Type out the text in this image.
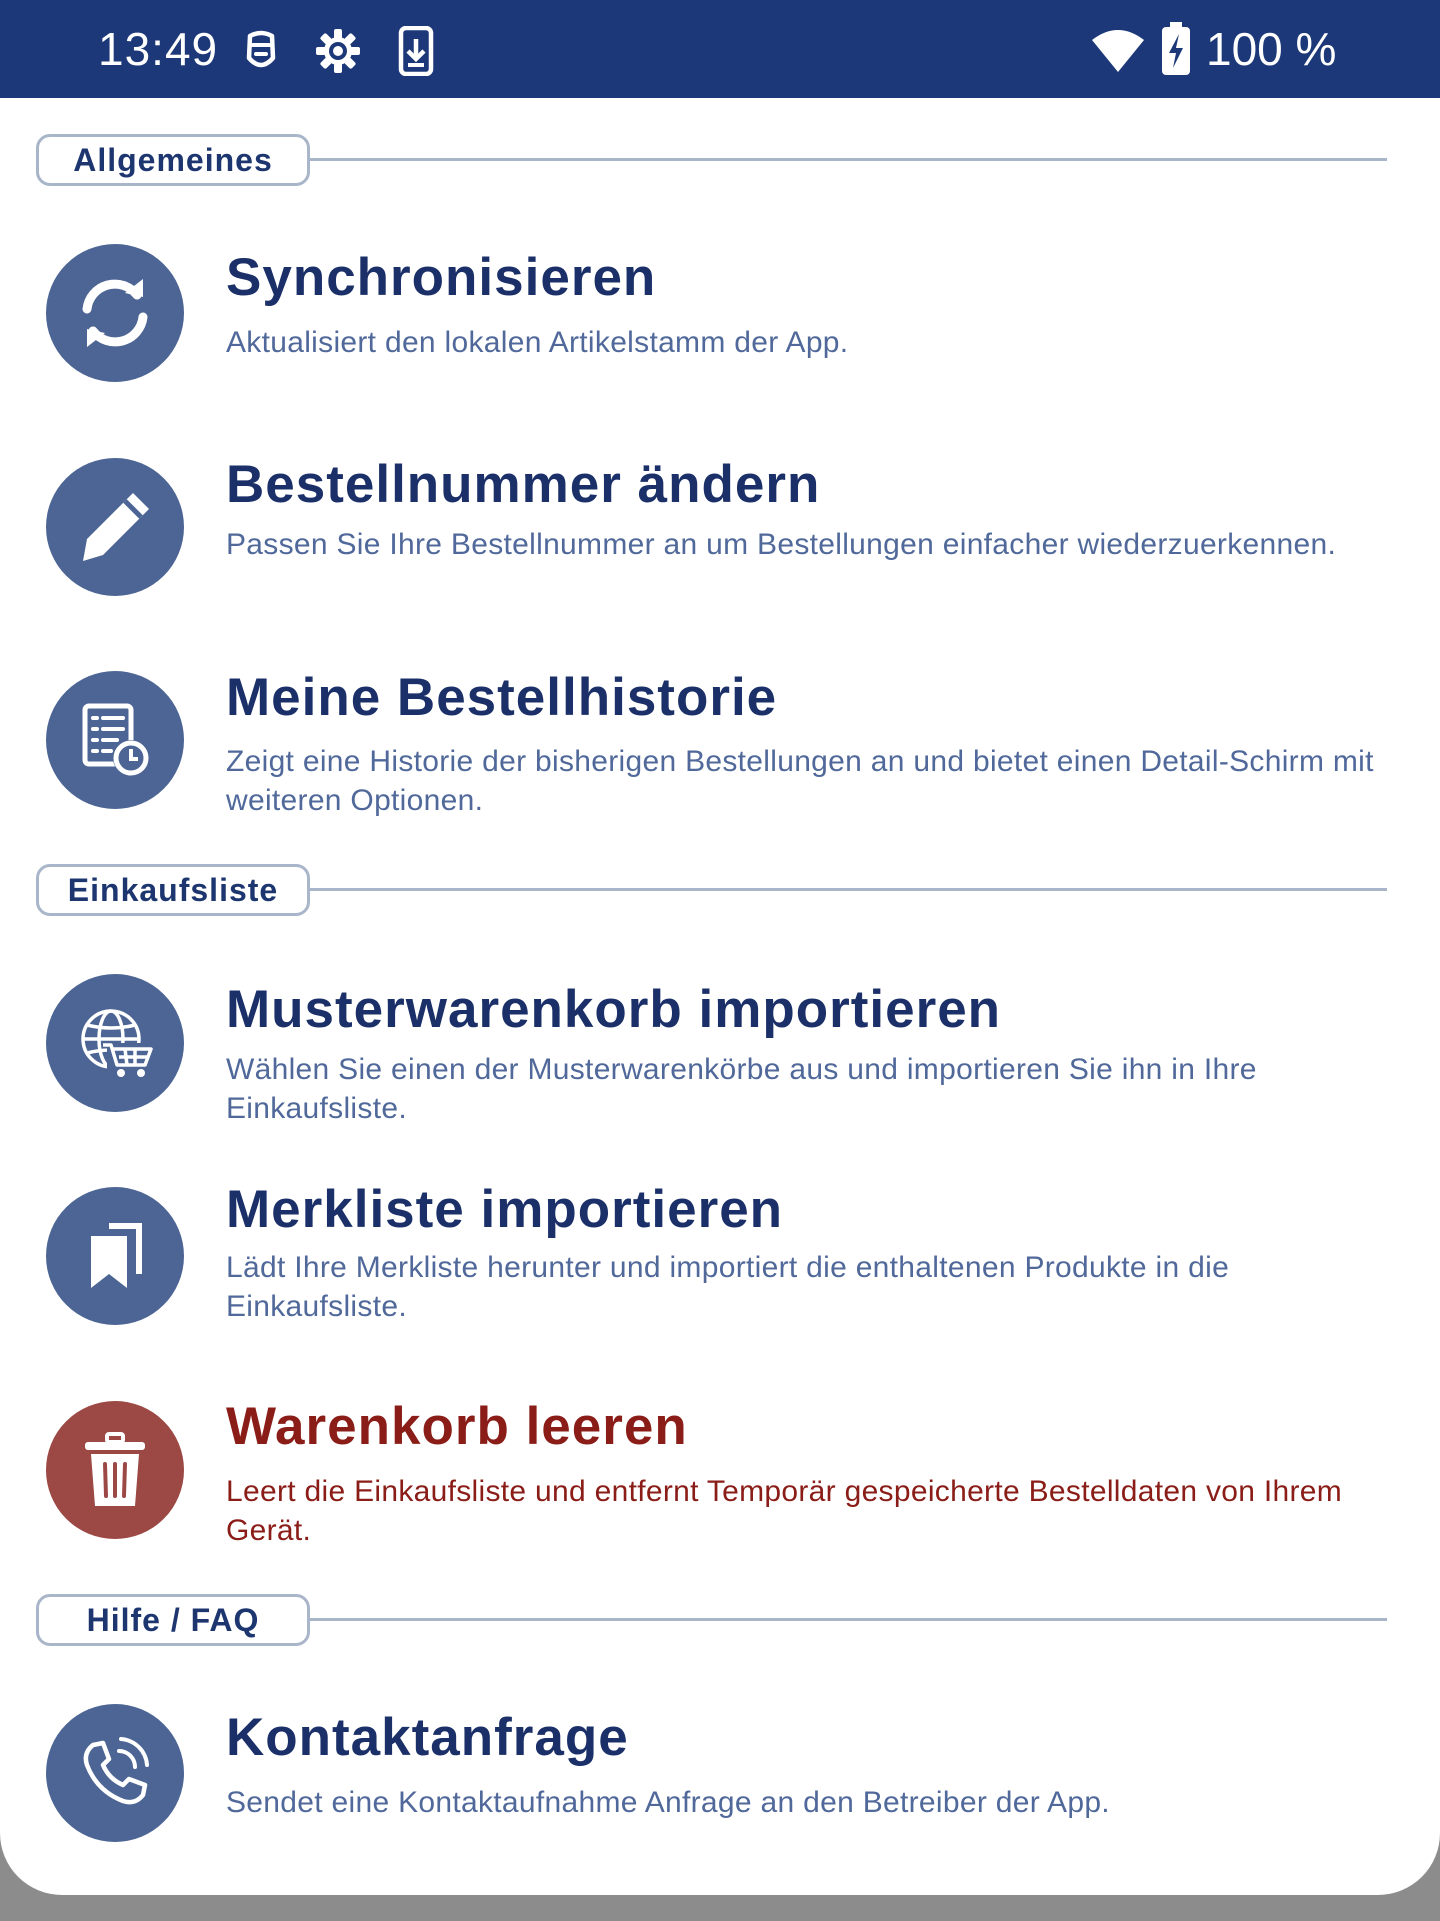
13:49	100 %
Allgemeines
Synchronisieren
Aktualisiert den lokalen Artikelstamm der App.
Bestellnummer ändern
Passen Sie Ihre Bestellnummer an um Bestellungen einfacher wiederzuerkennen.
Meine Bestellhistorie
Zeigt eine Historie der bisherigen Bestellungen an und bietet einen Detail-Schirm mit weiteren Optionen.
Einkaufsliste
Musterwarenkorb importieren
Wählen Sie einen der Musterwarenkörbe aus und importieren Sie ihn in Ihre Einkaufsliste.
Merkliste importieren
Lädt Ihre Merkliste herunter und importiert die enthaltenen Produkte in die Einkaufsliste.
Warenkorb leeren
Leert die Einkaufsliste und entfernt Temporär gespeicherte Bestelldaten von Ihrem Gerät.
Hilfe / FAQ
Kontaktanfrage
Sendet eine Kontaktaufnahme Anfrage an den Betreiber der App.
